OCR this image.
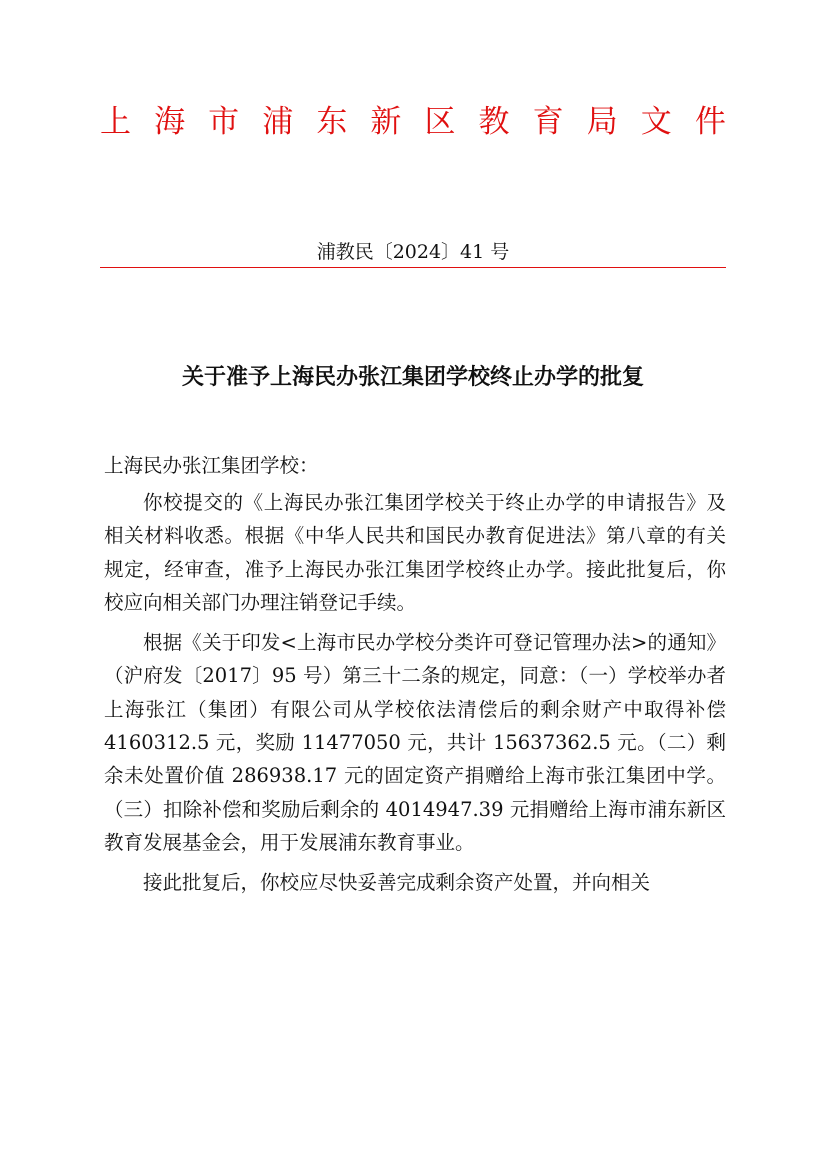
上 海 市 浦 东 新 区 教 育 局 文 件
浦教民〔2024〕41 号
关于准予上海民办张江集团学校终止办学的批复
上海民办张江集团学校：

你校提交的《上海民办张江集团学校关于终止办学的申请报告》及相关材料收悉。根据《中华人民共和国民办教育促进法》第八章的有关规定，经审查，准予上海民办张江集团学校终止办学。接此批复后，你校应向相关部门办理注销登记手续。

根据《关于印发<上海市民办学校分类许可登记管理办法>的通知》（沪府发〔2017〕95 号）第三十二条的规定，同意：（一）学校举办者上海张江（集团）有限公司从学校依法清偿后的剩余财产中取得补偿 4160312.5 元，奖励 11477050 元，共计 15637362.5 元。（二）剩余未处置价值 286938.17 元的固定资产捐赠给上海市张江集团中学。（三）扣除补偿和奖励后剩余的 4014947.39 元捐赠给上海市浦东新区教育发展基金会，用于发展浦东教育事业。

接此批复后，你校应尽快妥善完成剩余资产处置，并向相关
